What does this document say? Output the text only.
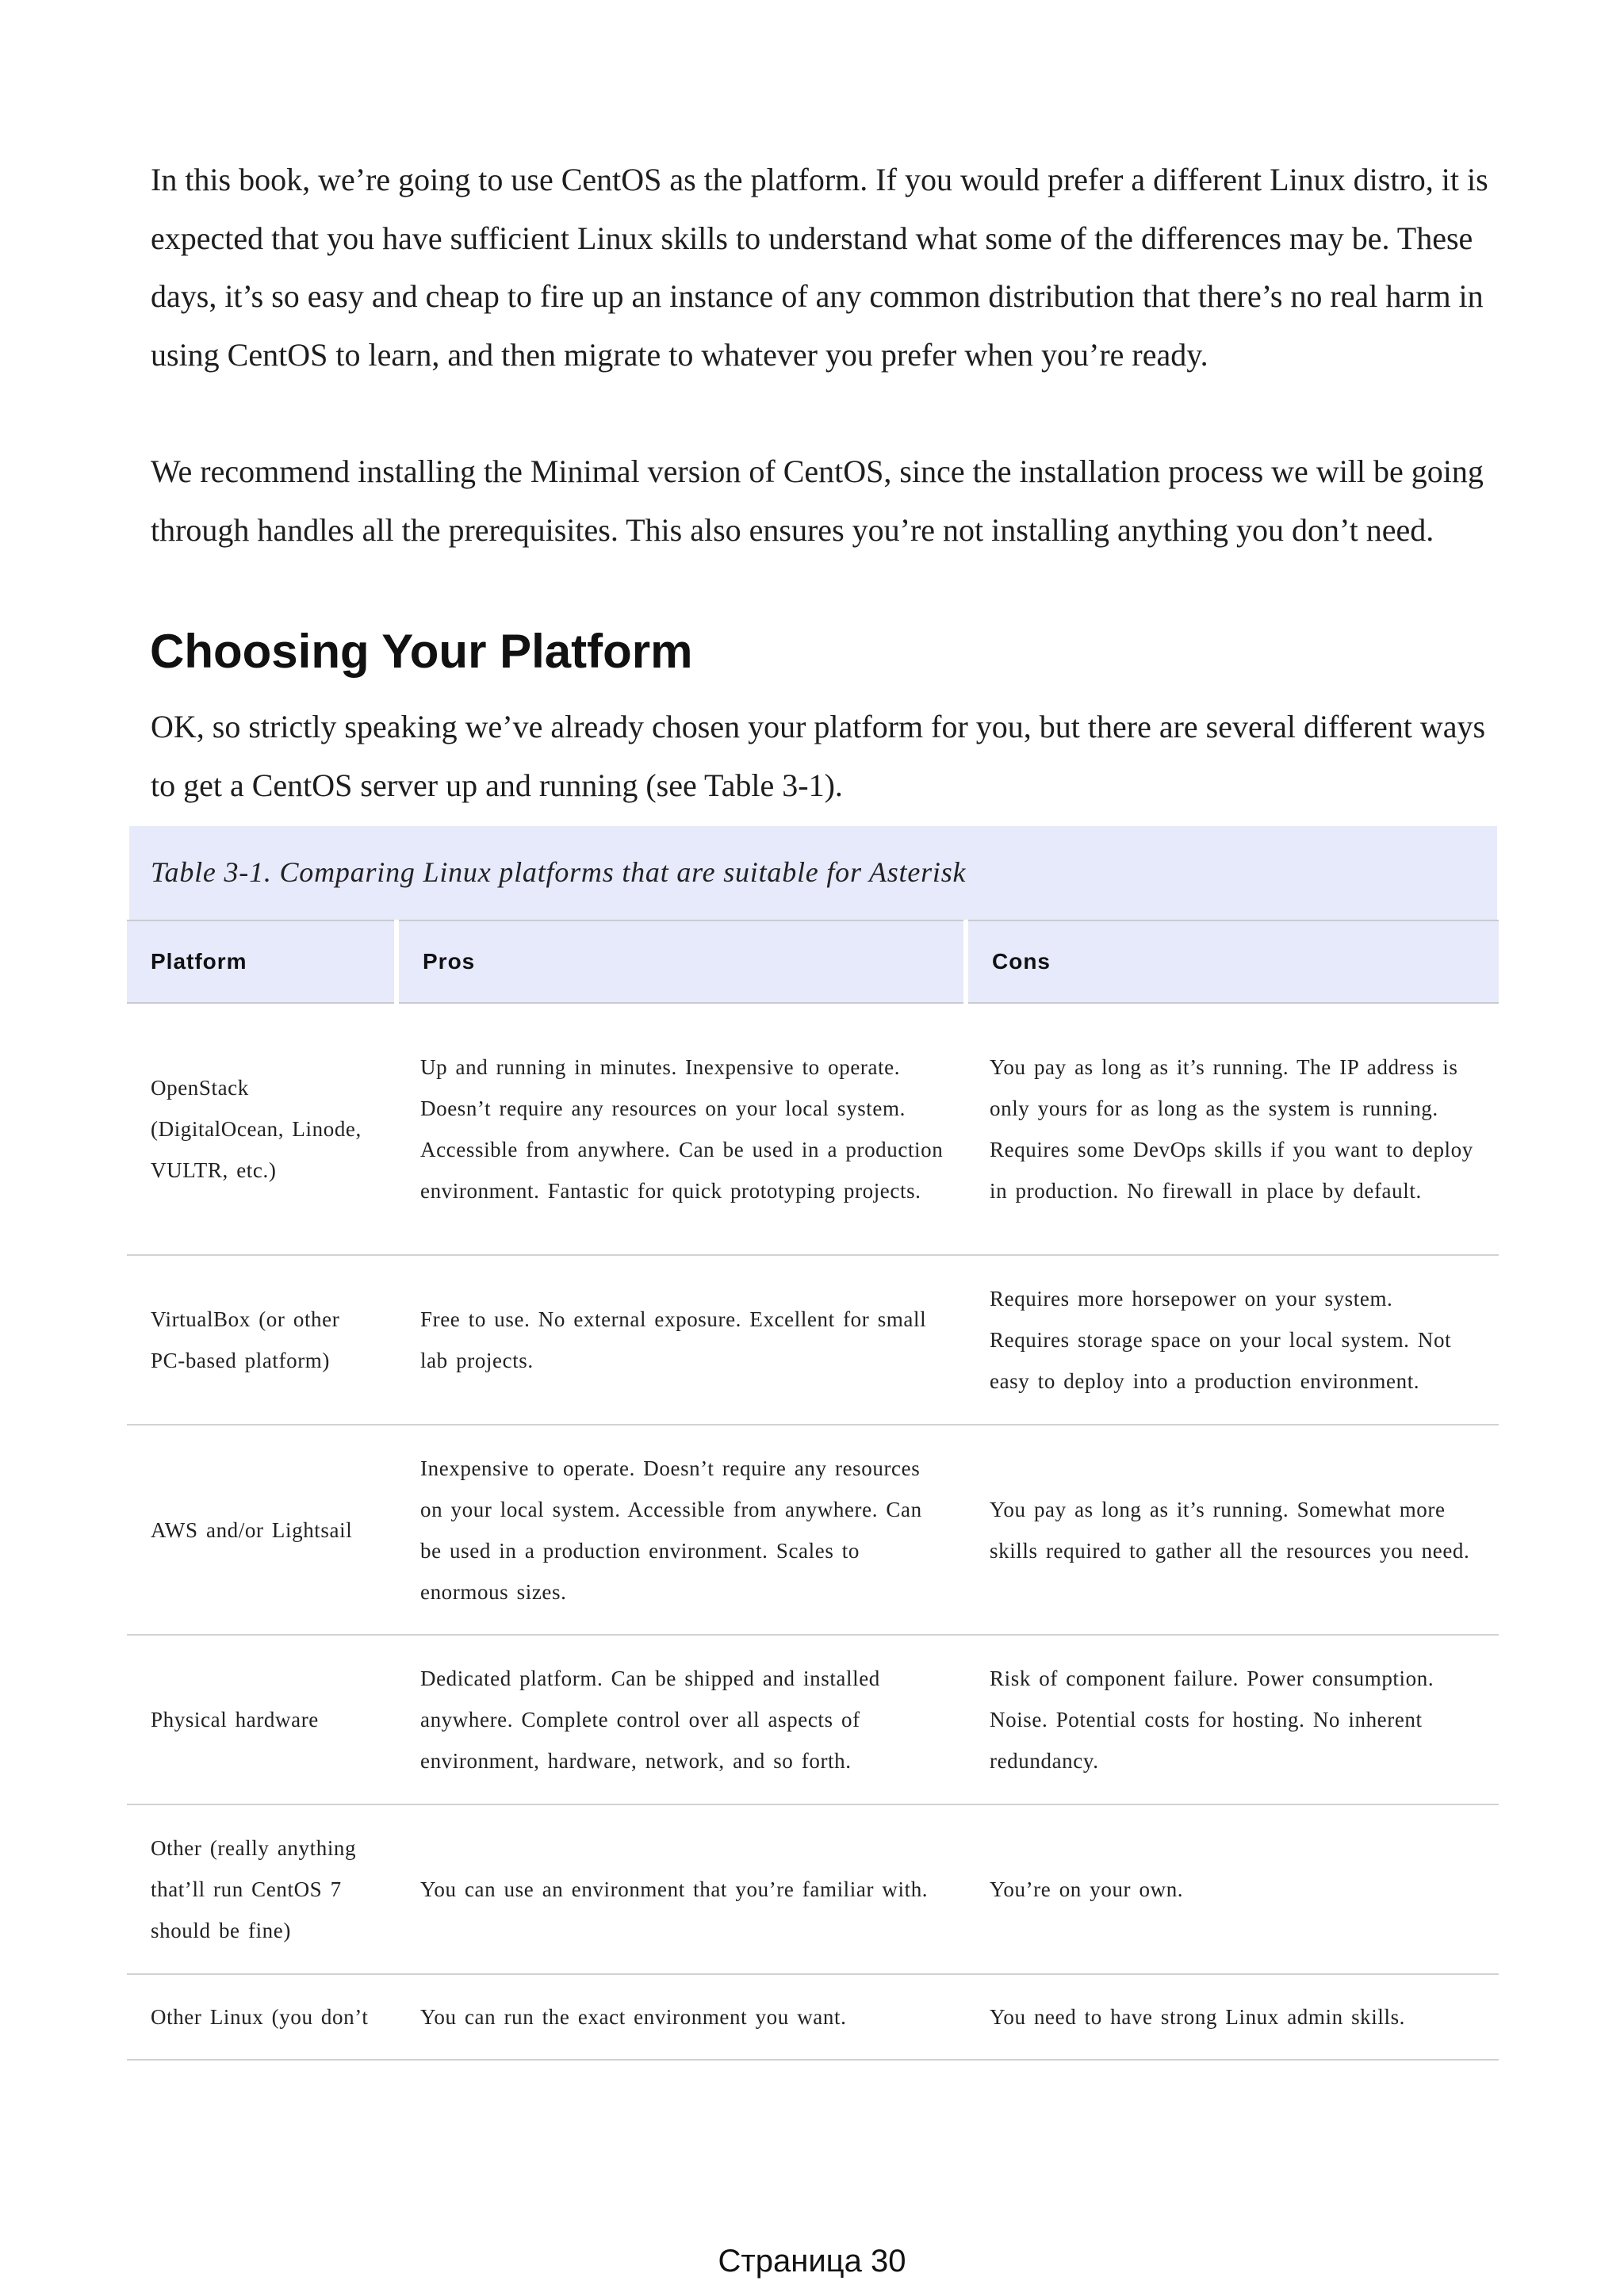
In this book, we’re going to use CentOS as the platform. If you would prefer a different Linux distro, it is expected that you have sufficient Linux skills to understand what some of the differences may be. These days, it’s so easy and cheap to fire up an instance of any common distribution that there’s no real harm in using CentOS to learn, and then migrate to whatever you prefer when you’re ready.

We recommend installing the Minimal version of CentOS, since the installation process we will be going through handles all the prerequisites. This also ensures you’re not installing anything you don’t need.

Choosing Your Platform

OK, so strictly speaking we’ve already chosen your platform for you, but there are several different ways to get a CentOS server up and running (see Table 3-1).

Table 3-1. Comparing Linux platforms that are suitable for Asterisk

Platform	Pros	Cons
OpenStack (DigitalOcean, Linode, VULTR, etc.)	Up and running in minutes. Inexpensive to operate. Doesn’t require any resources on your local system. Accessible from anywhere. Can be used in a production environment. Fantastic for quick prototyping projects.	You pay as long as it’s running. The IP address is only yours for as long as the system is running. Requires some DevOps skills if you want to deploy in production. No firewall in place by default.
VirtualBox (or other PC-based platform)	Free to use. No external exposure. Excellent for small lab projects.	Requires more horsepower on your system. Requires storage space on your local system. Not easy to deploy into a production environment.
AWS and/or Lightsail	Inexpensive to operate. Doesn’t require any resources on your local system. Accessible from anywhere. Can be used in a production environment. Scales to enormous sizes.	You pay as long as it’s running. Somewhat more skills required to gather all the resources you need.
Physical hardware	Dedicated platform. Can be shipped and installed anywhere. Complete control over all aspects of environment, hardware, network, and so forth.	Risk of component failure. Power consumption. Noise. Potential costs for hosting. No inherent redundancy.
Other (really anything that’ll run CentOS 7 should be fine)	You can use an environment that you’re familiar with.	You’re on your own.
Other Linux (you don’t	You can run the exact environment you want.	You need to have strong Linux admin skills.
Страница 30
